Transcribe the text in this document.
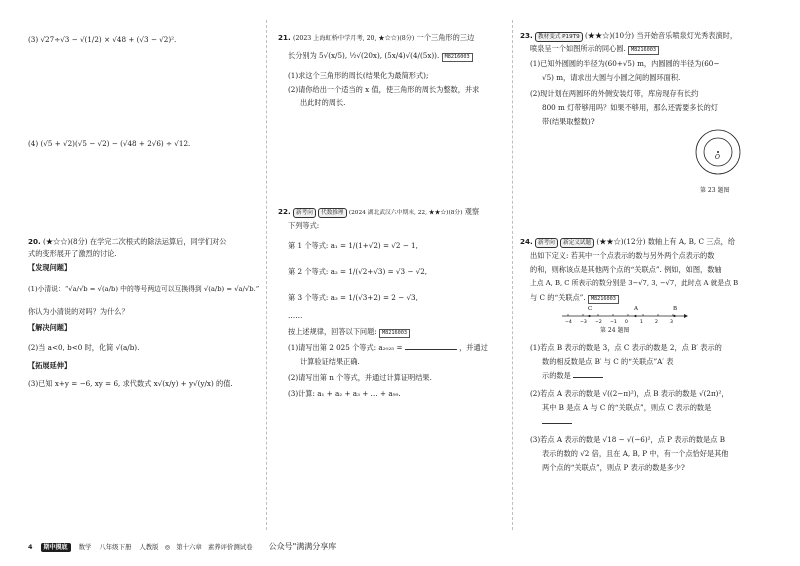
(3) √27÷√3 − √(1/2) × √48 + (√3 − √2)².

(4) (√5 + √2)(√5 − √2) − (√48 + 2√6) ÷ √12.

20. (★☆☆)(8分) 在学完二次根式的除法运算后，同学们对公

式的变形展开了激烈的讨论.

【发现问题】

(1)小清说：“√a/√b = √(a/b) 中的等号两边可以互换得到 √(a/b) = √a/√b.”

你认为小清说的对吗？为什么？

【解决问题】

(2)当 a<0, b<0 时，化简 √(a/b).

【拓展延伸】

(3)已知 x+y = −6, xy = 6, 求代数式 x√(x/y) + y√(y/x) 的值.

21. (2023 上海虹桥中学月考, 20, ★☆☆)(8分) 一个三角形的三边

长分别为 5√(x/5), ½√(20x), (5x/4)√(4/(5x)). M8216003

(1)求这个三角形的周长(结果化为最简形式);

(2)请你给出一个适当的 x 值，使三角形的周长为整数，并求

出此时的周长.

22. 新考向 代数推理 (2024 湖北武汉六中期末, 22, ★★☆)(8分) 观察

下列等式:

第 1 个等式: a₁ = 1/(1+√2) = √2 − 1,

第 2 个等式: a₂ = 1/(√2+√3) = √3 − √2,

第 3 个等式: a₃ = 1/(√3+2) = 2 − √3,

……

按上述规律，回答以下问题: M8216003

(1)请写出第 2 025 个等式: a₂₀₂₅ =	，并通过

计算验证结果正确.

(2)请写出第 n 个等式，并通过计算证明结果.

(3)计算: a₁ + a₂ + a₃ + … + a₉₉.

23. 教材变式 P19T9 (★★☆)(10分) 当开始音乐喷泉灯光秀表演时，

喷泉呈一个如图所示的同心圆. M8216003

(1)已知外圆圆的半径为(60+√5) m，内圆圆的半径为(60−

√5) m，请求出大圆与小圆之间的圆环面积.

(2)现计划在两圆环的外侧安装灯带，库房现存有长约

800 m 灯带够用吗？如果不够用，那么还需要多长的灯

带(结果取整数)?

O

第 23 题图

24. 新考向 新定义试题 (★★☆)(12分) 数轴上有 A, B, C 三点，给

出如下定义: 若其中一个点表示的数与另外两个点表示的数

的和，则称该点是其他两个点的“关联点”. 例如，如图，数轴

上点 A, B, C 所表示的数分别是 3−√7, 3, −√7，此时点 A 就是点 B

与 C 的“关联点”. M8216003

−4 −3 −2 −1 0	1	2	3
C	A	B

第 24 题图

(1)若点 B 表示的数是 3，点 C 表示的数是 2，点 B′ 表示的

数的相反数是点 B′ 与 C 的“关联点”A′ 表

示的数是

(2)若点 A 表示的数是 √((2−π)²)，点 B 表示的数是 √(2π)²，

其中 B 是点 A 与 C 的“关联点”，则点 C 表示的数是

(3)若点 A 表示的数是 √18 − √(−6)²，点 P 表示的数是点 B

表示的数的 √2 倍，且在 A, B, P 中，有一个点恰好是其他

两个点的“关联点”，则点 P 表示的数是多少?

4 期中摸底 数学 八年级下册 人教版 ◎ 第十六章 素养评价测试卷 公众号"满满分享库
